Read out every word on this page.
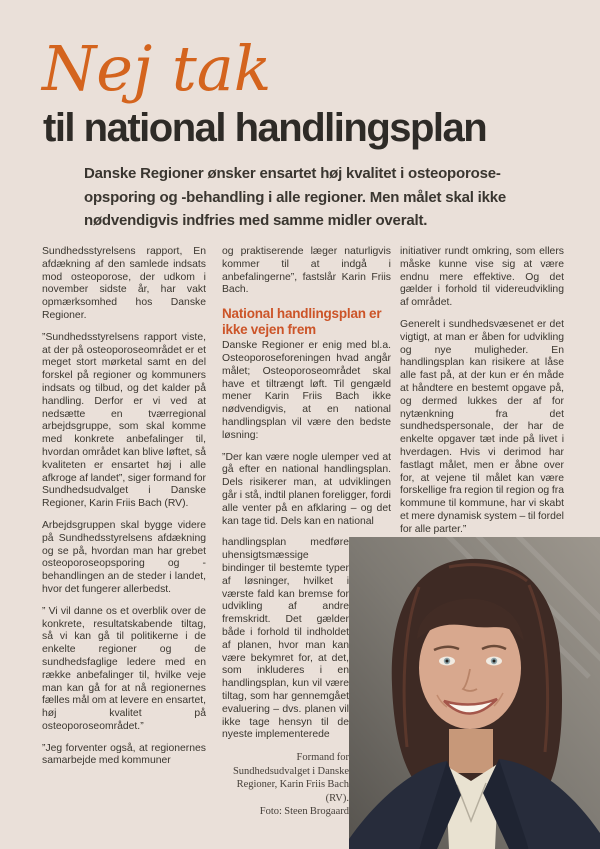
Nej tak
til national handlingsplan

Danske Regioner ønsker ensartet høj kvalitet i osteoporose-opsporing og -behandling i alle regioner. Men målet skal ikke nødvendigvis indfries med samme midler overalt.

Sundhedsstyrelsens rapport, En afdækning af den samlede indsats mod osteoporose, der udkom i november sidste år, har vakt opmærksomhed hos Danske Regioner.

”Sundhedsstyrelsens rapport viste, at der på osteoporoseområdet er et meget stort mørketal samt en del forskel på regioner og kommuners indsats og tilbud, og det kalder på handling. Derfor er vi ved at nedsætte en tværregional arbejdsgruppe, som skal komme med konkrete anbefalinger til, hvordan området kan blive løftet, så kvaliteten er ensartet høj i alle afkroge af landet”, siger formand for Sundhedsudvalget i Danske Regioner, Karin Friis Bach (RV).

Arbejdsgruppen skal bygge videre på Sundhedsstyrelsens afdækning og se på, hvordan man har grebet osteoporoseopsporing og -behandlingen an de steder i landet, hvor det fungerer allerbedst.

” Vi vil danne os et overblik over de konkrete, resultatskabende tiltag, så vi kan gå til politikerne i de enkelte regioner og de sundhedsfaglige ledere med en række anbefalinger til, hvilke veje man kan gå for at nå regionernes fælles mål om at levere en ensartet, høj kvalitet på osteoporoseområdet.”

”Jeg forventer også, at regionernes samarbejde med kommuner

og praktiserende læger naturligvis kommer til at indgå i anbefalingerne”, fastslår Karin Friis Bach.

National handlingsplan er ikke vejen frem

Danske Regioner er enig med bl.a. Osteoporoseforeningen hvad angår målet; Osteoporoseområdet skal have et tiltrængt løft. Til gengæld mener Karin Friis Bach ikke nødvendigvis, at en national handlingsplan vil være den bedste løsning:

”Der kan være nogle ulemper ved at gå efter en national handlingsplan. Dels risikerer man, at udviklingen går i stå, indtil planen foreligger, fordi alle venter på en afklaring – og det kan tage tid. Dels kan en national

handlingsplan medføre uhensigtsmæssige bindinger til bestemte typer af løsninger, hvilket i værste fald kan bremse for udvikling af andre fremskridt. Det gælder både i forhold til indholdet af planen, hvor man kan være bekymret for, at det, som inkluderes i en handlingsplan, kun vil være tiltag, som har gennemgået evaluering – dvs. planen vil ikke tage hensyn til de nyeste implementerede

Formand for Sundhedsudvalget i Danske Regioner, Karin Friis Bach (RV).
Foto: Steen Brogaard

initiativer rundt omkring, som ellers måske kunne vise sig at være endnu mere effektive. Og det gælder i forhold til videreudvikling af området.

Generelt i sundhedsvæsenet er det vigtigt, at man er åben for udvikling og nye muligheder. En handlingsplan kan risikere at låse alle fast på, at der kun er én måde at håndtere en bestemt opgave på, og dermed lukkes der af for nytænkning fra det sundhedspersonale, der har de enkelte opgaver tæt inde på livet i hverdagen. Hvis vi derimod har fastlagt målet, men er åbne over for, at vejene til målet kan være forskellige fra region til region og fra kommune til kommune, har vi skabt et mere dynamisk system – til fordel for alle parter.”
